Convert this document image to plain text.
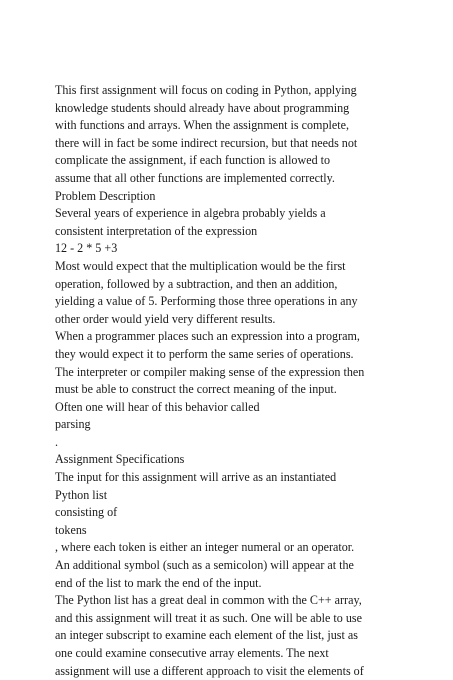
This first assignment will focus on coding in Python, applying
knowledge students should already have about programming
with functions and arrays. When the assignment is complete,
there will in fact be some indirect recursion, but that needs not
complicate the assignment, if each function is allowed to
assume that all other functions are implemented correctly.
Problem Description
Several years of experience in algebra probably yields a
consistent interpretation of the expression
12 - 2 * 5 +3
Most would expect that the multiplication would be the first
operation, followed by a subtraction, and then an addition,
yielding a value of 5. Performing those three operations in any
other order would yield very different results.
When a programmer places such an expression into a program,
they would expect it to perform the same series of operations.
The interpreter or compiler making sense of the expression then
must be able to construct the correct meaning of the input.
Often one will hear of this behavior called
parsing
.
Assignment Specifications
The input for this assignment will arrive as an instantiated
Python list
consisting of
tokens
, where each token is either an integer numeral or an operator.
An additional symbol (such as a semicolon) will appear at the
end of the list to mark the end of the input.
The Python list has a great deal in common with the C++ array,
and this assignment will treat it as such. One will be able to use
an integer subscript to examine each element of the list, just as
one could examine consecutive array elements. The next
assignment will use a different approach to visit the elements of
